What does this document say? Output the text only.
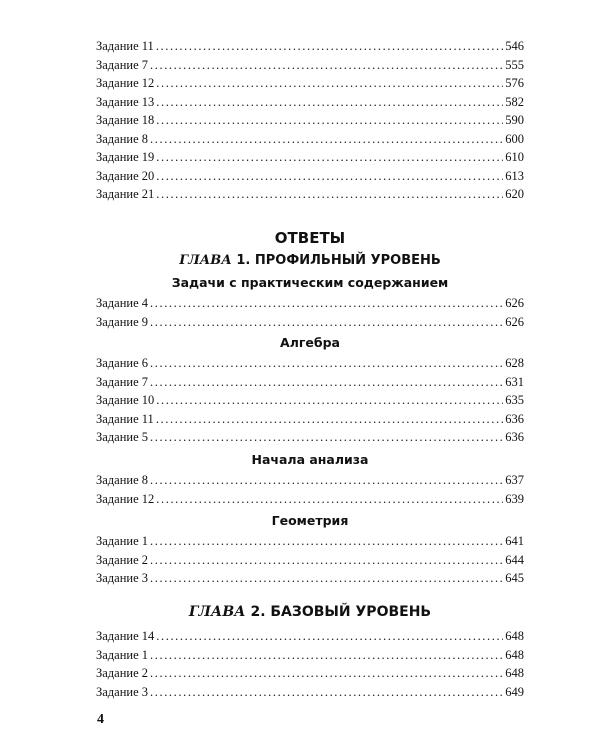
Задание 11 .....	546
Задание 7 .....	555
Задание 12 .....	576
Задание 13 .....	582
Задание 18 .....	590
Задание 8 .....	600
Задание 19 .....	610
Задание 20 .....	613
Задание 21 .....	620
ОТВЕТЫ
ГЛАВА 1. ПРОФИЛЬНЫЙ УРОВЕНЬ
Задачи с практическим содержанием
Задание 4 .....	626
Задание 9 .....	626
Алгебра
Задание 6 .....	628
Задание 7 .....	631
Задание 10 .....	635
Задание 11 .....	636
Задание 5 .....	636
Начала анализа
Задание 8 .....	637
Задание 12 .....	639
Геометрия
Задание 1 .....	641
Задание 2 .....	644
Задание 3 .....	645
ГЛАВА 2. БАЗОВЫЙ УРОВЕНЬ
Задание 14 .....	648
Задание 1 .....	648
Задание 2 .....	648
Задание 3 .....	649
4
